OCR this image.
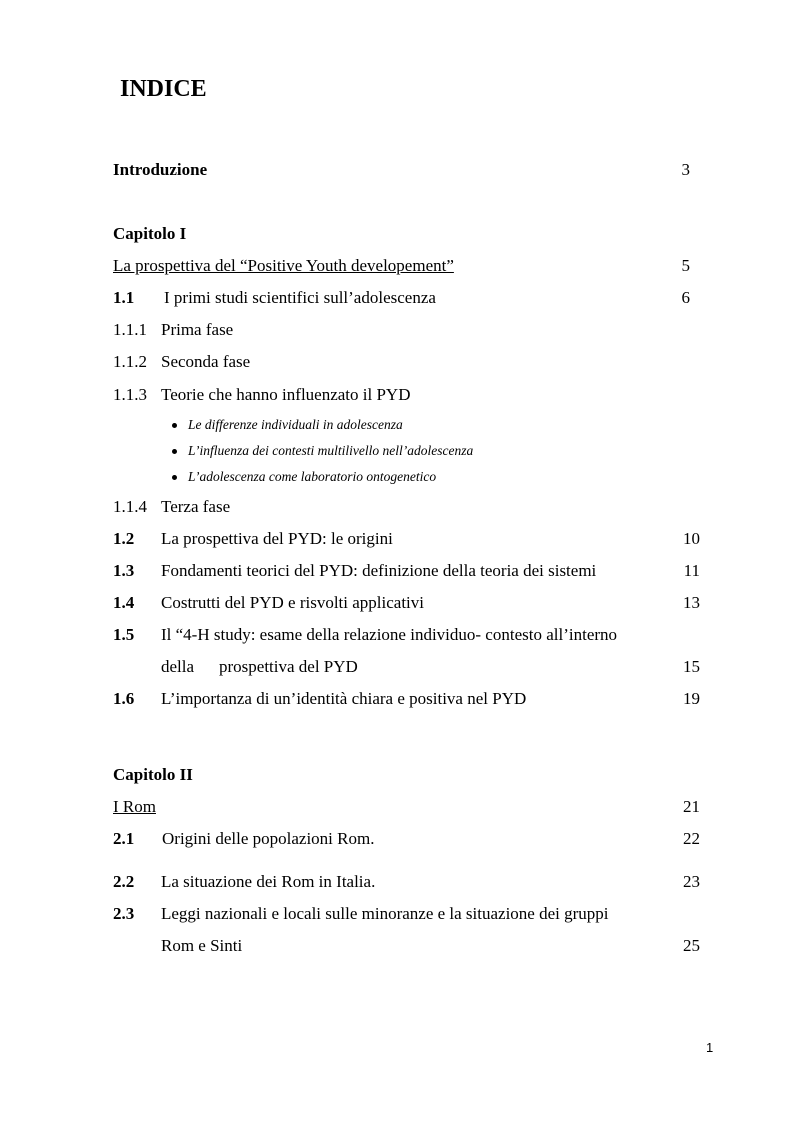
INDICE
Introduzione	3
Capitolo I
La prospettiva del “Positive Youth developement”	5
1.1 I primi studi scientifici sull’adolescenza	6
1.1.1 Prima fase
1.1.2 Seconda fase
1.1.3 Teorie che hanno influenzato il PYD
Le differenze individuali in adolescenza
L’influenza dei contesti multilivello nell’adolescenza
L’adolescenza come laboratorio ontogenetico
1.1.4 Terza fase
1.2 La prospettiva del PYD: le origini	10
1.3 Fondamenti teorici del PYD: definizione della teoria dei sistemi	11
1.4 Costrutti del PYD e risvolti applicativi	13
1.5 Il “4-H study: esame della relazione individuo- contesto all’interno
della prospettiva del PYD	15
1.6 L’importanza di un’identità chiara e positiva nel PYD	19
Capitolo II
I Rom	21
2.1 Origini delle popolazioni Rom.	22
2.2 La situazione dei Rom in Italia.	23
2.3 Leggi nazionali e locali sulle minoranze e la situazione dei gruppi
Rom e Sinti	25
1
